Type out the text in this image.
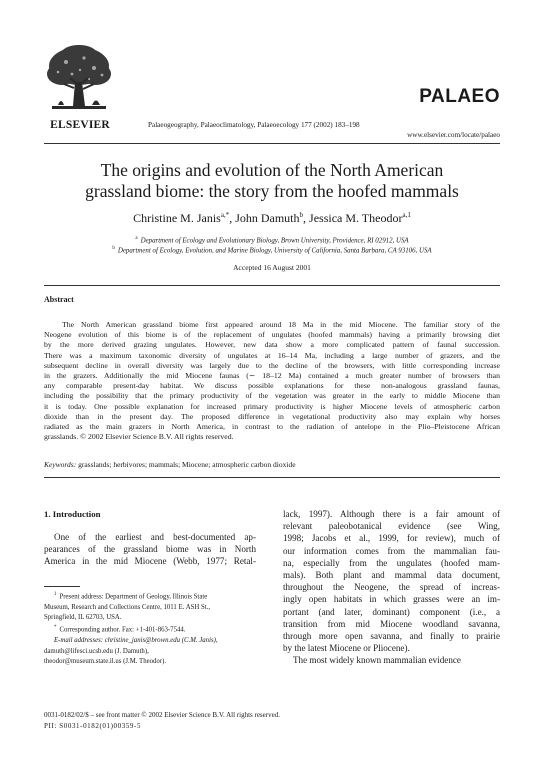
ELSEVIER	Palaeogeography, Palaeoclimatology, Palaeoecology 177 (2002) 183–198
PALAEO
www.elsevier.com/locate/palaeo
The origins and evolution of the North American
grassland biome: the story from the hoofed mammals
Christine M. Janis$^{a,*}$, John Damuth$^b$, Jessica M. Theodor$^{a,1}$
$^a$ Department of Ecology and Evolutionary Biology, Brown University, Providence, RI 02912, USA
$^b$ Department of Ecology, Evolution, and Marine Biology, University of California, Santa Barbara, CA 93106, USA
Accepted 16 August 2001
Abstract
The North American grassland biome first appeared around 18 Ma in the mid Miocene. The familiar story of the
Neogene evolution of this biome is of the replacement of ungulates (hoofed mammals) having a primarily browsing diet
by the more derived grazing ungulates. However, new data show a more complicated pattern of faunal succession.
There was a maximum taxonomic diversity of ungulates at 16–14 Ma, including a large number of grazers, and the
subsequent decline in overall diversity was largely due to the decline of the browsers, with little corresponding increase
in the grazers. Additionally the mid Miocene faunas (∼ 18–12 Ma) contained a much greater number of browsers than
any comparable present-day habitat. We discuss possible explanations for these non-analogous grassland faunas,
including the possibility that the primary productivity of the vegetation was greater in the early to middle Miocene than
it is today. One possible explanation for increased primary productivity is higher Miocene levels of atmospheric carbon
dioxide than in the present day. The proposed difference in vegetational productivity also may explain why horses
radiated as the main grazers in North America, in contrast to the radiation of antelope in the Plio–Pleistocene African
grasslands. © 2002 Elsevier Science B.V. All rights reserved.
Keywords: grasslands; herbivores; mammals; Miocene; atmospheric carbon dioxide
1. Introduction
One of the earliest and best-documented ap-
pearances of the grassland biome was in North
America in the mid Miocene (Webb, 1977; Retal-
lack, 1997). Although there is a fair amount of
relevant paleobotanical evidence (see Wing,
1998; Jacobs et al., 1999, for review), much of
our information comes from the mammalian fau-
na, especially from the ungulates (hoofed mam-
mals). Both plant and mammal data document,
throughout the Neogene, the spread of increas-
ingly open habitats in which grasses were an im-
portant (and later, dominant) component (i.e., a
transition from mid Miocene woodland savanna,
through more open savanna, and finally to prairie
by the latest Miocene or Pliocene).
The most widely known mammalian evidence
$^1$ Present address: Department of Geology, Illinois State
Museum, Research and Collections Centre, 1011 E. ASH St.,
Springfield, IL 62703, USA.
* Corresponding author. Fax: +1-401-863-7544.
E-mail addresses: christine_janis@brown.edu (C.M. Janis),
damuth@lifesci.ucsb.edu (J. Damuth),
theodor@museum.state.il.us (J.M. Theodor).
0031-0182/02/$ – see front matter © 2002 Elsevier Science B.V. All rights reserved.
PII: S0031-0182(01)00359-5
